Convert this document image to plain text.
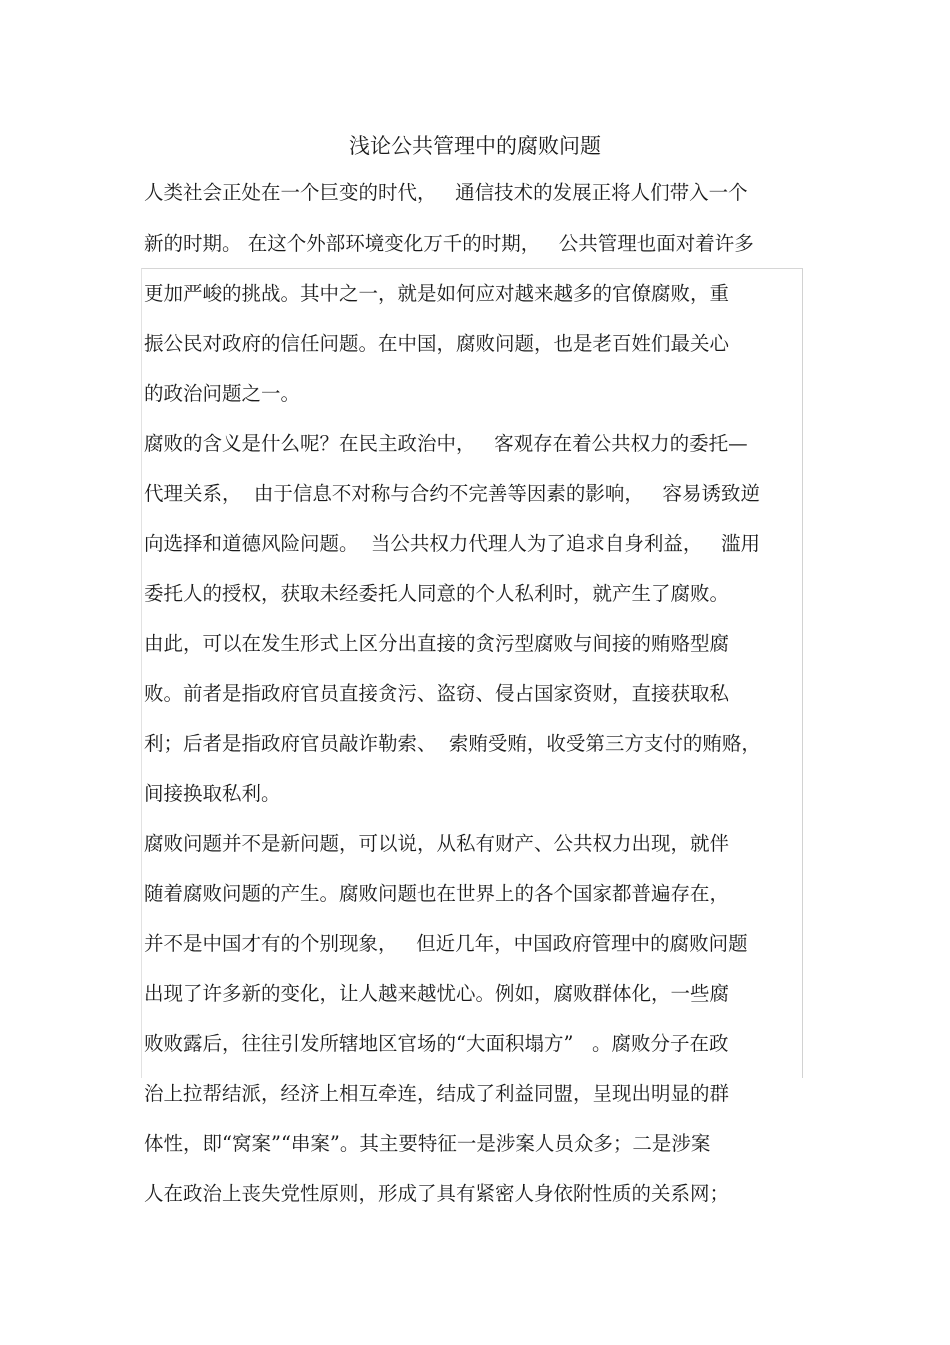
浅论公共管理中的腐败问题
人类社会正处在一个巨变的时代，   通信技术的发展正将人们带入一个
新的时期。 在这个外部环境变化万千的时期，   公共管理也面对着许多
更加严峻的挑战。其中之一，就是如何应对越来越多的官僚腐败，重
振公民对政府的信任问题。在中国，腐败问题，也是老百姓们最关心
的政治问题之一。
腐败的含义是什么呢？在民主政治中，   客观存在着公共权力的委托—
代理关系，  由于信息不对称与合约不完善等因素的影响，   容易诱致逆
向选择和道德风险问题。  当公共权力代理人为了追求自身利益，   滥用
委托人的授权，获取未经委托人同意的个人私利时，就产生了腐败。
由此，可以在发生形式上区分出直接的贪污型腐败与间接的贿赂型腐
败。前者是指政府官员直接贪污、盗窃、侵占国家资财，直接获取私
利；后者是指政府官员敲诈勒索、  索贿受贿，收受第三方支付的贿赂，
间接换取私利。
腐败问题并不是新问题，可以说，从私有财产、公共权力出现，就伴
随着腐败问题的产生。腐败问题也在世界上的各个国家都普遍存在，
并不是中国才有的个别现象，   但近几年，中国政府管理中的腐败问题
出现了许多新的变化，让人越来越忧心。例如，腐败群体化，一些腐
败败露后，往往引发所辖地区官场的“大面积塌方”   。腐败分子在政
治上拉帮结派，经济上相互牵连，结成了利益同盟，呈现出明显的群
体性，即“窝案”“串案”。其主要特征一是涉案人员众多；二是涉案
人在政治上丧失党性原则，形成了具有紧密人身依附性质的关系网；
